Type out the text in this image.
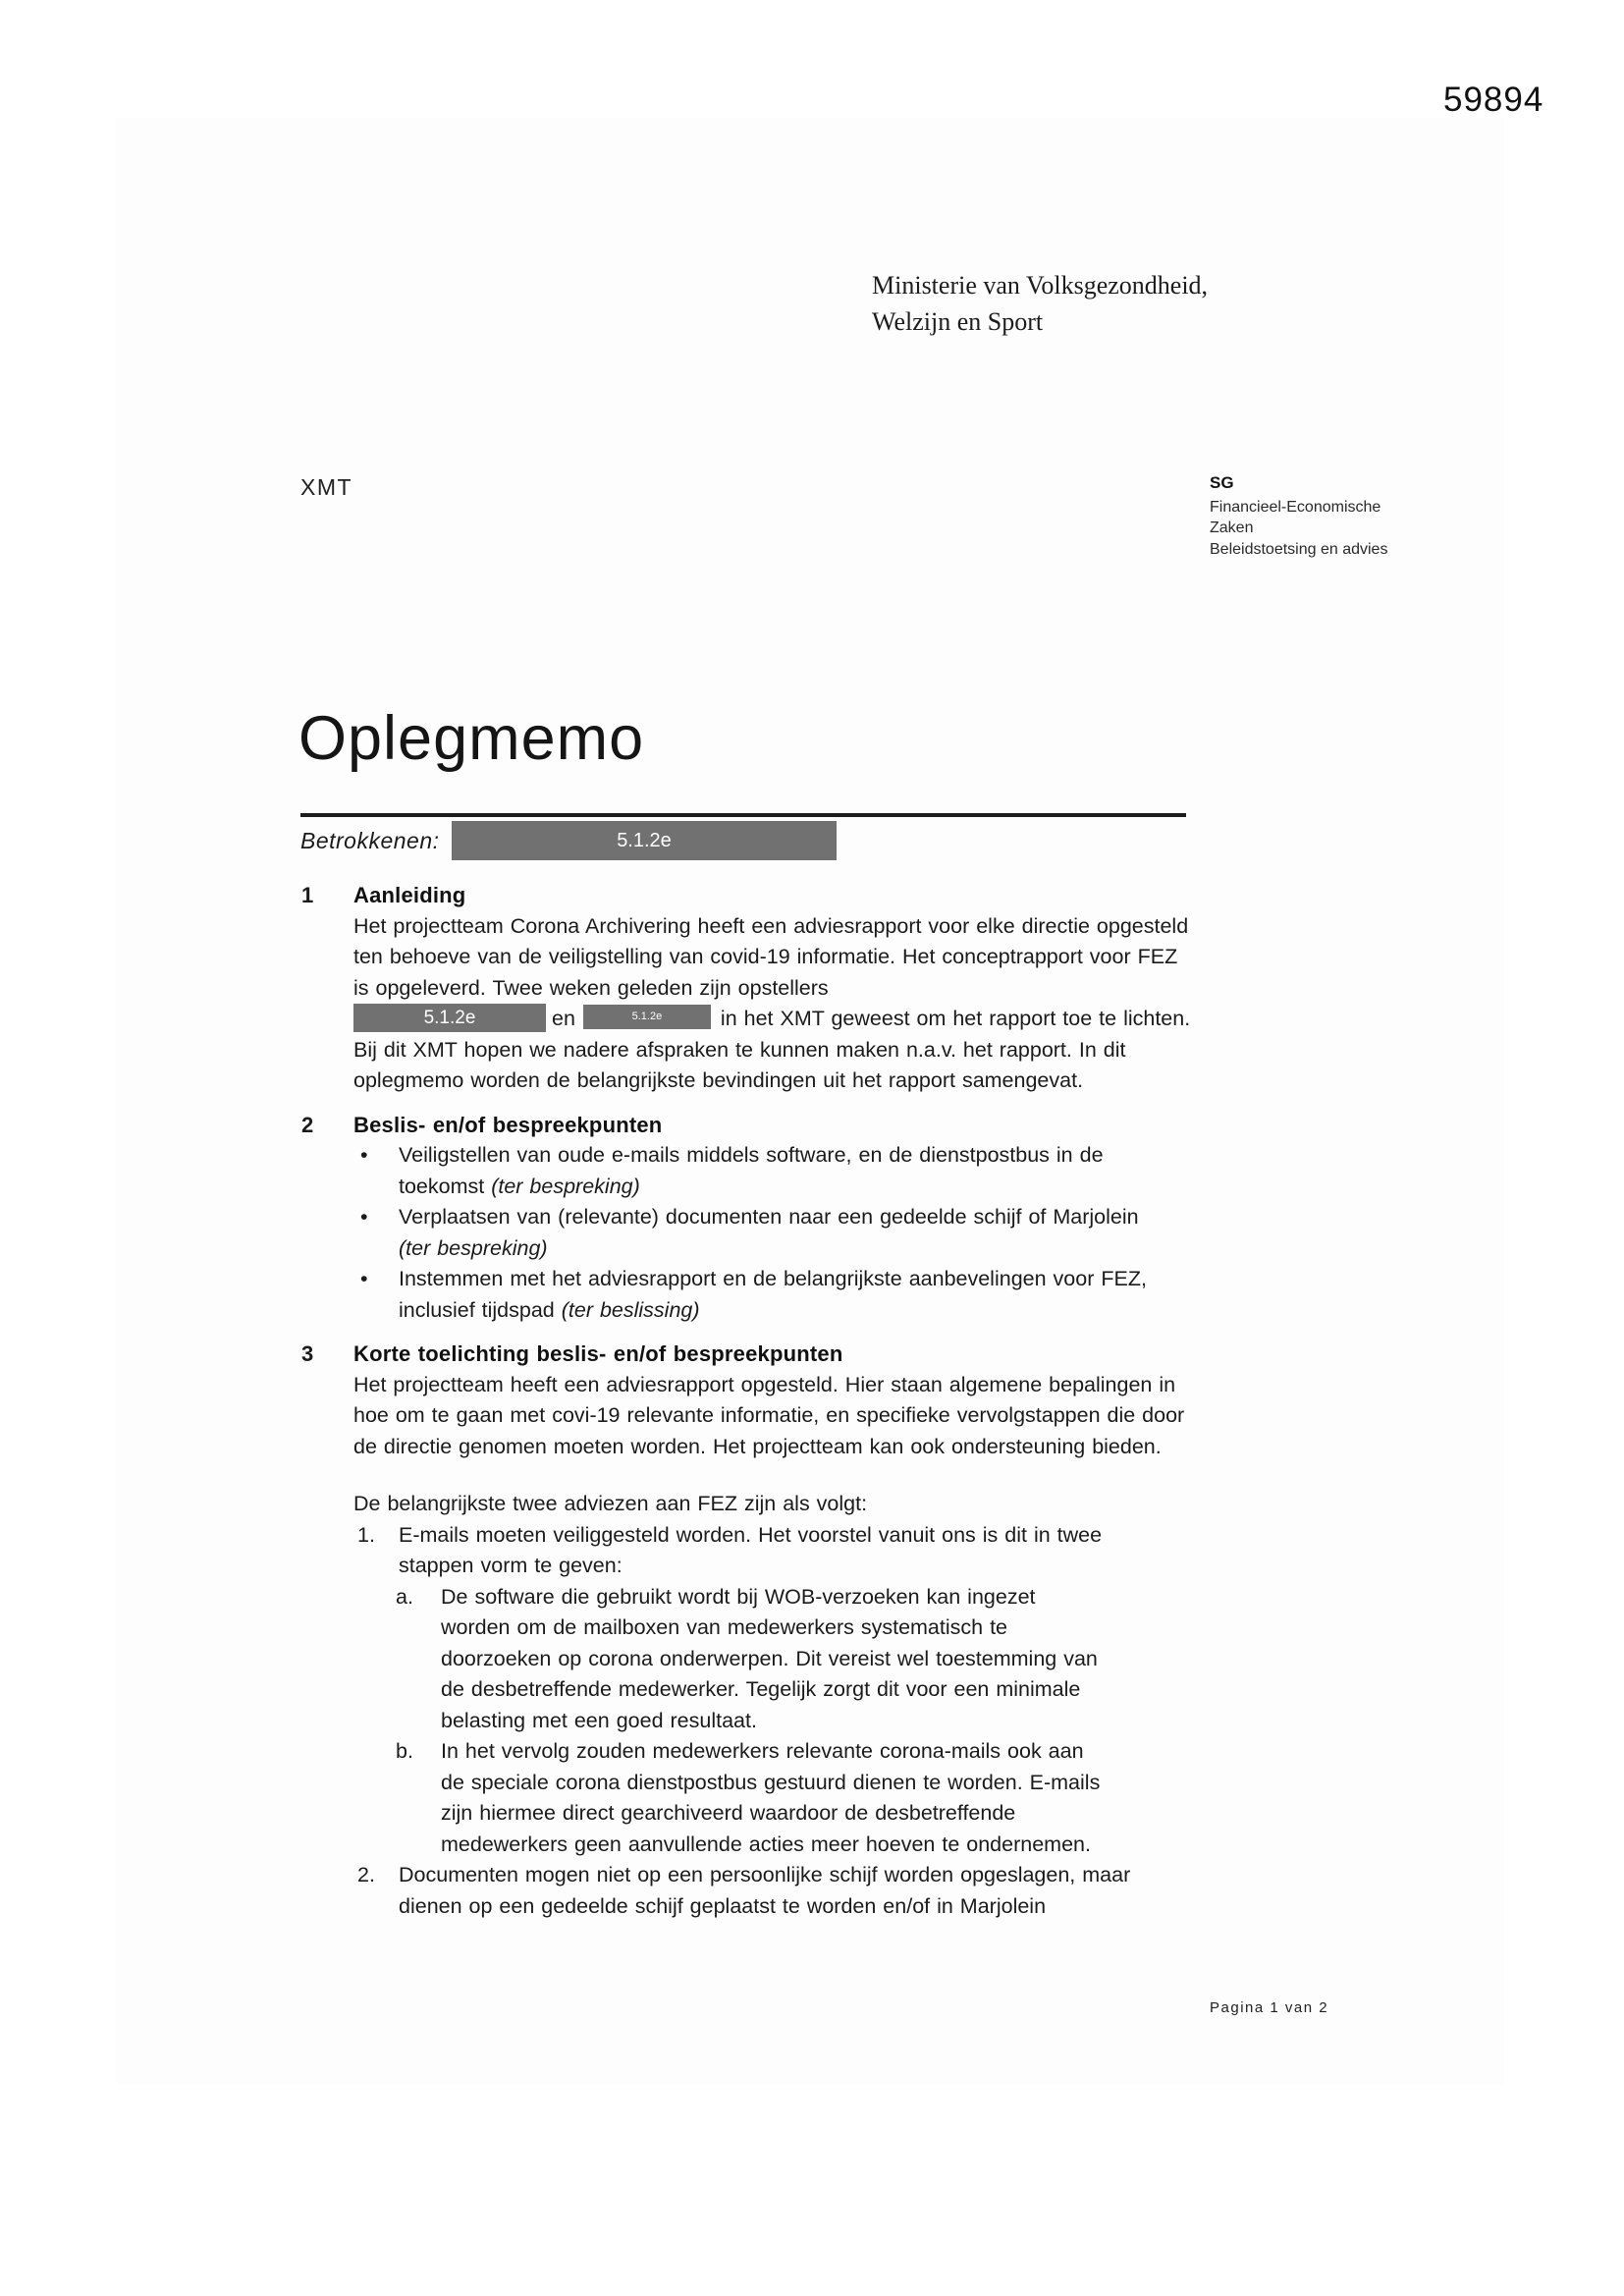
59894
Ministerie van Volksgezondheid,
Welzijn en Sport
XMT	SG
Financieel-Economische
Zaken
Beleidstoetsing en advies
Oplegmemo
Betrokkenen:	5.1.2e
1	Aanleiding

Het projectteam Corona Archivering heeft een adviesrapport voor elke directie opgesteld ten behoeve van de veiligstelling van covid-19 informatie. Het conceptrapport voor FEZ is opgeleverd. Twee weken geleden zijn opstellers
5.1.2e	en	5.1.2e	in het XMT geweest om het rapport toe te lichten. Bij dit XMT hopen we nadere afspraken te kunnen maken n.a.v. het rapport. In dit oplegmemo worden de belangrijkste bevindingen uit het rapport samengevat.

2	Beslis- en/of bespreekpunten
•	Veiligstellen van oude e-mails middels software, en de dienstpostbus in de toekomst (ter bespreking)
•	Verplaatsen van (relevante) documenten naar een gedeelde schijf of Marjolein (ter bespreking)
•	Instemmen met het adviesrapport en de belangrijkste aanbevelingen voor FEZ, inclusief tijdspad (ter beslissing)
3	Korte toelichting beslis- en/of bespreekpunten

Het projectteam heeft een adviesrapport opgesteld. Hier staan algemene bepalingen in hoe om te gaan met covi-19 relevante informatie, en specifieke vervolgstappen die door de directie genomen moeten worden. Het projectteam kan ook ondersteuning bieden.

De belangrijkste twee adviezen aan FEZ zijn als volgt:

1.	E-mails moeten veiliggesteld worden. Het voorstel vanuit ons is dit in twee stappen vorm te geven:
a.	De software die gebruikt wordt bij WOB-verzoeken kan ingezet worden om de mailboxen van medewerkers systematisch te doorzoeken op corona onderwerpen. Dit vereist wel toestemming van de desbetreffende medewerker. Tegelijk zorgt dit voor een minimale belasting met een goed resultaat.
b.	In het vervolg zouden medewerkers relevante corona-mails ook aan de speciale corona dienstpostbus gestuurd dienen te worden. E-mails zijn hiermee direct gearchiveerd waardoor de desbetreffende medewerkers geen aanvullende acties meer hoeven te ondernemen.
2.	Documenten mogen niet op een persoonlijke schijf worden opgeslagen, maar dienen op een gedeelde schijf geplaatst te worden en/of in Marjolein
Pagina 1 van 2
